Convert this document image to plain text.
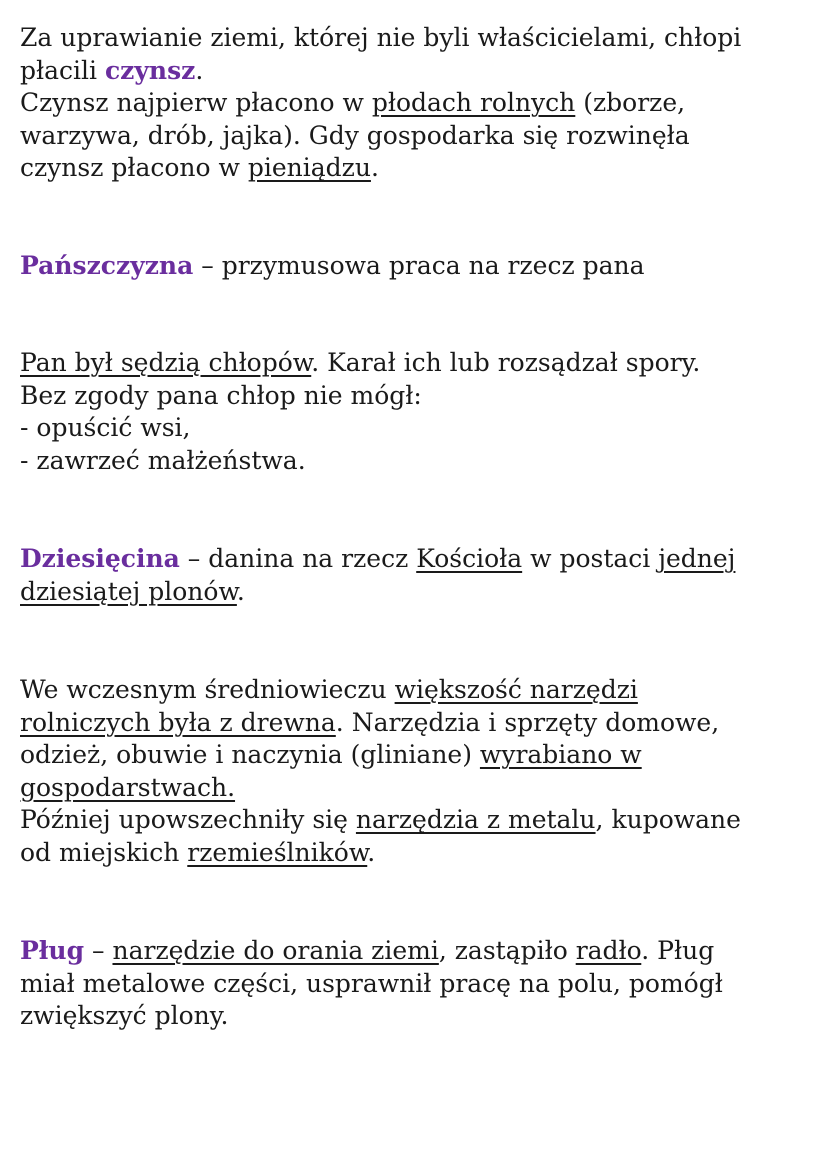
Za uprawianie ziemi, której nie byli właścicielami, chłopi

płacili czynsz.

Czynsz najpierw płacono w płodach rolnych (zborze,

warzywa, drób, jajka). Gdy gospodarka się rozwinęła

czynsz płacono w pieniądzu.

Pańszczyzna – przymusowa praca na rzecz pana

Pan był sędzią chłopów. Karał ich lub rozsądzał spory.

Bez zgody pana chłop nie mógł:

- opuścić wsi,

- zawrzeć małżeństwa.

Dziesięcina – danina na rzecz Kościoła w postaci jednej

dziesiątej plonów.

We wczesnym średniowieczu większość narzędzi

rolniczych była z drewna. Narzędzia i sprzęty domowe,

odzież, obuwie i naczynia (gliniane) wyrabiano w

gospodarstwach.

Później upowszechniły się narzędzia z metalu, kupowane

od miejskich rzemieślników.

Pług – narzędzie do orania ziemi, zastąpiło radło. Pług

miał metalowe części, usprawnił pracę na polu, pomógł

zwiększyć plony.
